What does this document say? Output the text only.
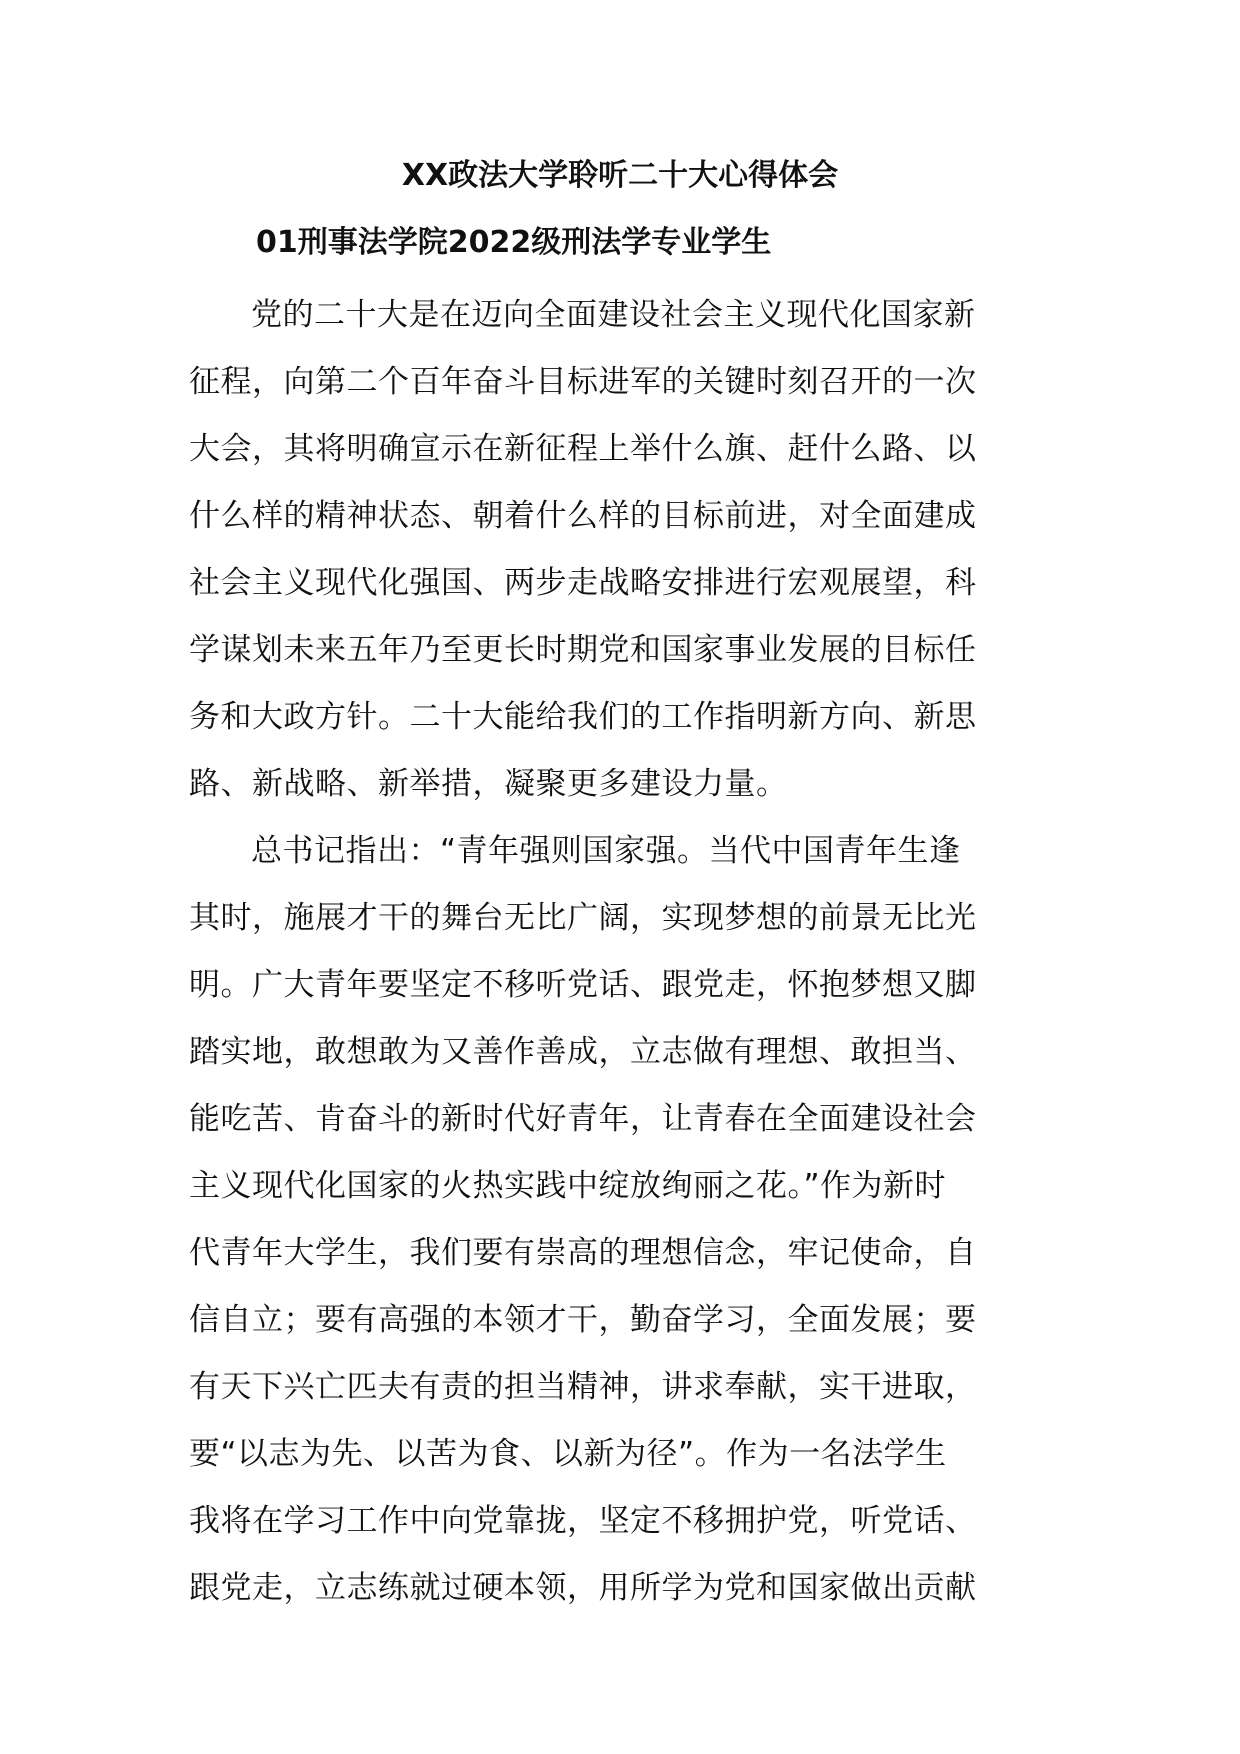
XX政法大学聆听二十大心得体会
01刑事法学院2022级刑法学专业学生

党的二十大是在迈向全面建设社会主义现代化国家新
征程，向第二个百年奋斗目标进军的关键时刻召开的一次
大会，其将明确宣示在新征程上举什么旗、赶什么路、以
什么样的精神状态、朝着什么样的目标前进，对全面建成
社会主义现代化强国、两步走战略安排进行宏观展望，科
学谋划未来五年乃至更长时期党和国家事业发展的目标任
务和大政方针。二十大能给我们的工作指明新方向、新思
路、新战略、新举措，凝聚更多建设力量。

总书记指出：“青年强则国家强。当代中国青年生逢
其时，施展才干的舞台无比广阔，实现梦想的前景无比光
明。广大青年要坚定不移听党话、跟党走，怀抱梦想又脚
踏实地，敢想敢为又善作善成，立志做有理想、敢担当、
能吃苦、肯奋斗的新时代好青年，让青春在全面建设社会
主义现代化国家的火热实践中绽放绚丽之花。”作为新时
代青年大学生，我们要有崇高的理想信念，牢记使命，自
信自立；要有高强的本领才干，勤奋学习，全面发展；要
有天下兴亡匹夫有责的担当精神，讲求奉献，实干进取，
要“以志为先、以苦为食、以新为径”。作为一名法学生
我将在学习工作中向党靠拢，坚定不移拥护党，听党话、
跟党走，立志练就过硬本领，用所学为党和国家做出贡献
